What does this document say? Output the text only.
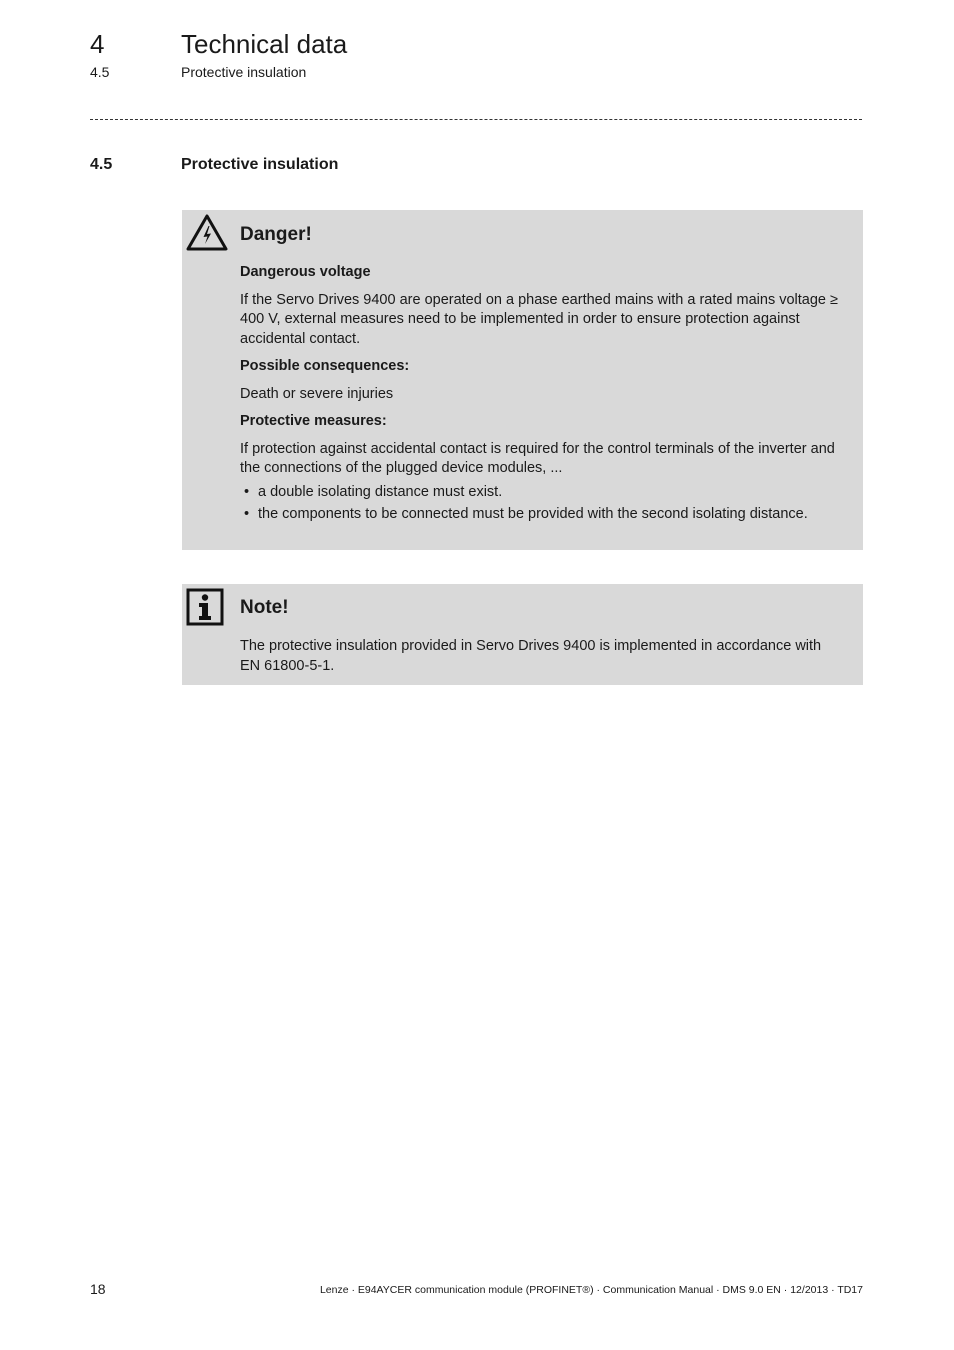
4	Technical data
4.5	Protective insulation
4.5	Protective insulation
Danger!

Dangerous voltage

If the Servo Drives 9400 are operated on a phase earthed mains with a rated mains voltage ≥ 400 V, external measures need to be implemented in order to ensure protection against accidental contact.

Possible consequences:

Death or severe injuries

Protective measures:

If protection against accidental contact is required for the control terminals of the inverter and the connections of the plugged device modules, ...

• a double isolating distance must exist.
• the components to be connected must be provided with the second isolating distance.
Note!

The protective insulation provided in Servo Drives 9400 is implemented in accordance with EN 61800-5-1.

18	Lenze · E94AYCER communication module (PROFINET®) · Communication Manual · DMS 9.0 EN · 12/2013 · TD17
